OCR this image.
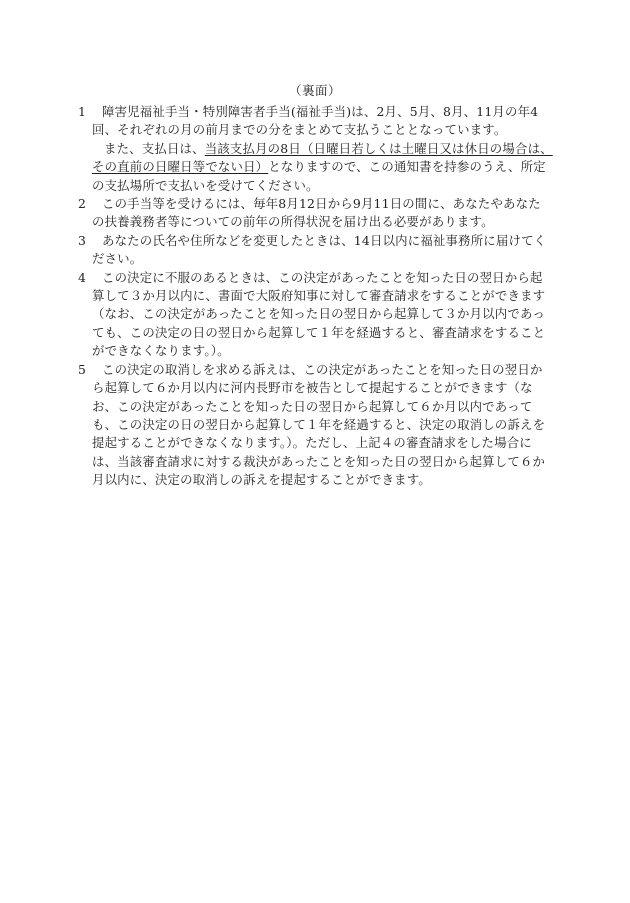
（裏面）
1	障害児福祉手当・特別障害者手当(福祉手当)は、2月、5月、8月、11月の年4回、それぞれの月の前月までの分をまとめて支払うこととなっています。

また、支払日は、当該支払月の8日（日曜日若しくは土曜日又は休日の場合は、その直前の日曜日等でない日）となりますので、この通知書を持参のうえ、所定の支払場所で支払いを受けてください。

2	この手当等を受けるには、毎年8月12日から9月11日の間に、あなたやあなたの扶養義務者等についての前年の所得状況を届け出る必要があります。

3	あなたの氏名や住所などを変更したときは、14日以内に福祉事務所に届けてください。

4	この決定に不服のあるときは、この決定があったことを知った日の翌日から起算して３か月以内に、書面で大阪府知事に対して審査請求をすることができます（なお、この決定があったことを知った日の翌日から起算して３か月以内であっても、この決定の日の翌日から起算して１年を経過すると、審査請求をすることができなくなります。）。

5	この決定の取消しを求める訴えは、この決定があったことを知った日の翌日から起算して６か月以内に河内長野市を被告として提起することができます（なお、この決定があったことを知った日の翌日から起算して６か月以内であっても、この決定の日の翌日から起算して１年を経過すると、決定の取消しの訴えを提起することができなくなります。）。ただし、上記４の審査請求をした場合には、当該審査請求に対する裁決があったことを知った日の翌日から起算して６か月以内に、決定の取消しの訴えを提起することができます。
